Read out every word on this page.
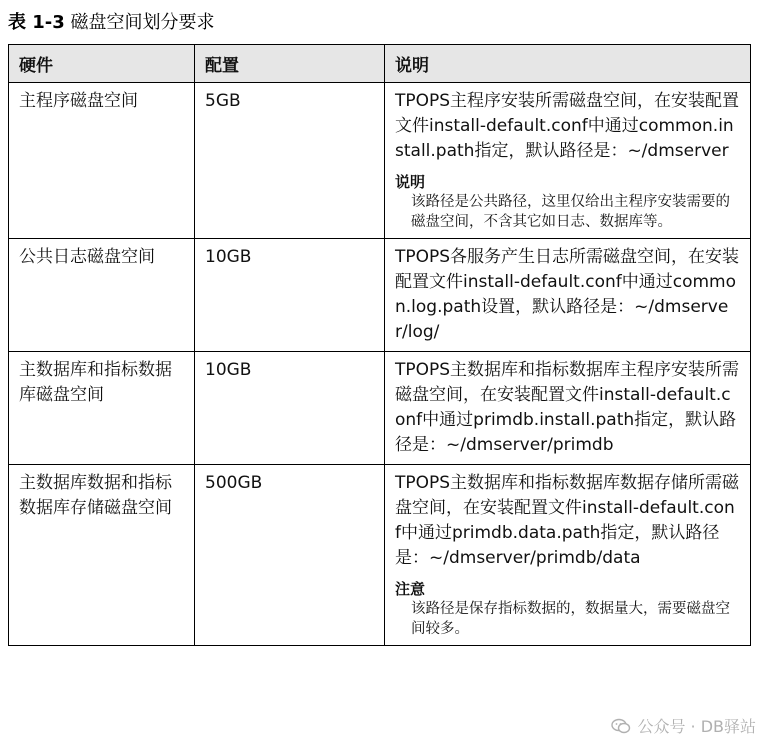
表 1-3 磁盘空间划分要求
硬件	配置	说明
主程序磁盘空间	5GB	TPOPS主程序安装所需磁盘空间，在安装配置文件install-default.conf中通过common.install.path指定，默认路径是：~/dmserver
说明
该路径是公共路径，这里仅给出主程序安装需要的磁盘空间，不含其它如日志、数据库等。

公共日志磁盘空间	10GB	TPOPS各服务产生日志所需磁盘空间，在安装配置文件install-default.conf中通过common.log.path设置，默认路径是：~/dmserver/log/

主数据库和指标数据库磁盘空间	10GB	TPOPS主数据库和指标数据库主程序安装所需磁盘空间，在安装配置文件install-default.conf中通过primdb.install.path指定，默认路径是：~/dmserver/primdb

主数据库数据和指标数据库存储磁盘空间	500GB	TPOPS主数据库和指标数据库数据存储所需磁盘空间，在安装配置文件install-default.conf中通过primdb.data.path指定，默认路径是：~/dmserver/primdb/data
注意
该路径是保存指标数据的，数据量大，需要磁盘空间较多。
公众号 · DB驿站
